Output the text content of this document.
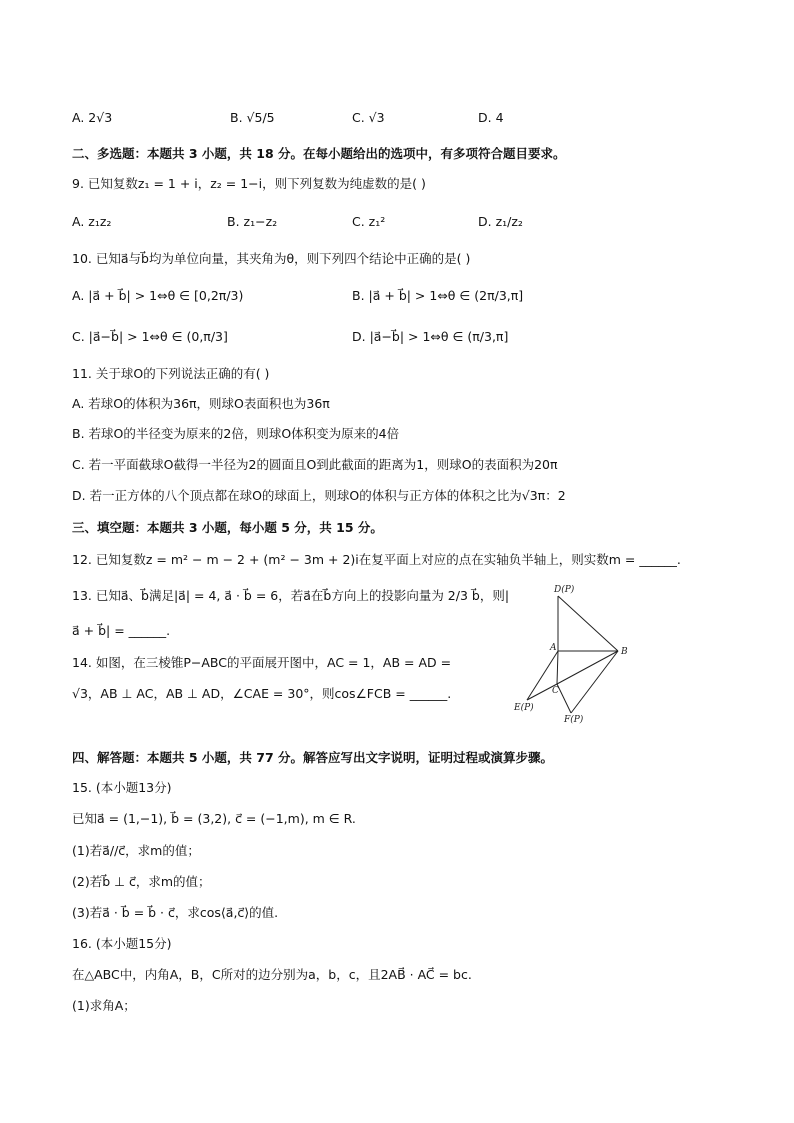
A. 2√3	B. √5/5	C. √3	D. 4
二、多选题：本题共 3 小题，共 18 分。在每小题给出的选项中，有多项符合题目要求。
9. 已知复数z₁ = 1 + i，z₂ = 1−i，则下列复数为纯虚数的是( )
A. z₁z₂	B. z₁−z₂	C. z₁²	D. z₁/z₂
10. 已知a⃗与b⃗均为单位向量，其夹角为θ，则下列四个结论中正确的是( )
A. |a⃗ + b⃗| > 1⇔θ ∈ [0,2π/3)	B. |a⃗ + b⃗| > 1⇔θ ∈ (2π/3,π]
C. |a⃗−b⃗| > 1⇔θ ∈ (0,π/3]	D. |a⃗−b⃗| > 1⇔θ ∈ (π/3,π]
11. 关于球O的下列说法正确的有( )
A. 若球O的体积为36π，则球O表面积也为36π
B. 若球O的半径变为原来的2倍，则球O体积变为原来的4倍
C. 若一平面截球O截得一半径为2的圆面且O到此截面的距离为1，则球O的表面积为20π
D. 若一正方体的八个顶点都在球O的球面上，则球O的体积与正方体的体积之比为√3π：2
三、填空题：本题共 3 小题，每小题 5 分，共 15 分。
12. 已知复数z = m² − m − 2 + (m² − 3m + 2)i在复平面上对应的点在实轴负半轴上，则实数m = ______.
13. 已知a⃗、b⃗满足|a⃗| = 4, a⃗ · b⃗ = 6，若a⃗在b⃗方向上的投影向量为 2/3 b⃗，则|
a⃗ + b⃗| = ______.
14. 如图，在三棱锥P−ABC的平面展开图中，AC = 1，AB = AD =
√3，AB ⊥ AC，AB ⊥ AD，∠CAE = 30°，则cos∠FCB = ______.
D(P)
A	B
C
E(P)
F(P)
四、解答题：本题共 5 小题，共 77 分。解答应写出文字说明，证明过程或演算步骤。
15. (本小题13分)
已知a⃗ = (1,−1), b⃗ = (3,2), c⃗ = (−1,m), m ∈ R.
(1)若a⃗//c⃗，求m的值；
(2)若b⃗ ⊥ c⃗，求m的值；
(3)若a⃗ · b⃗ = b⃗ · c⃗，求cos⟨a⃗,c⃗⟩的值.
16. (本小题15分)
在△ABC中，内角A，B，C所对的边分别为a，b，c，且2AB⃗ · AC⃗ = bc.
(1)求角A；
